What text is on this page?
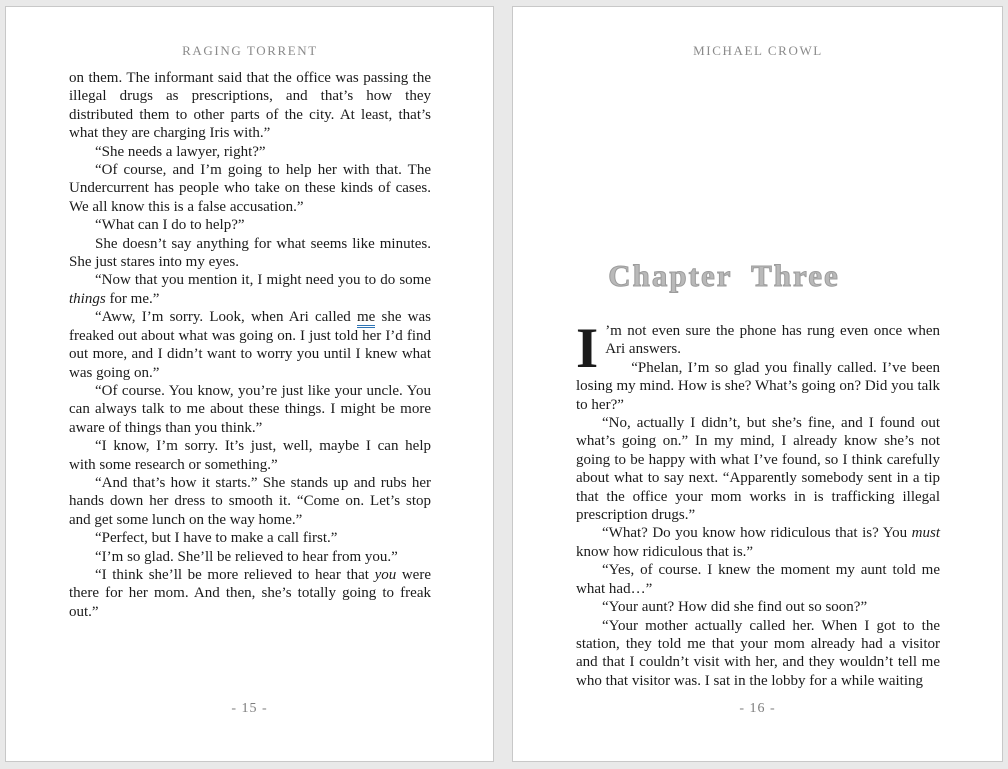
RAGING TORRENT

on them. The informant said that the office was passing the illegal drugs as prescriptions, and that’s how they distributed them to other parts of the city. At least, that’s what they are charging Iris with.”

“She needs a lawyer, right?”

“Of course, and I’m going to help her with that. The Undercurrent has people who take on these kinds of cases. We all know this is a false accusation.”

“What can I do to help?”

She doesn’t say anything for what seems like minutes. She just stares into my eyes.

“Now that you mention it, I might need you to do some things for me.”

“Aww, I’m sorry. Look, when Ari called me she was freaked out about what was going on. I just told her I’d find out more, and I didn’t want to worry you until I knew what was going on.”

“Of course. You know, you’re just like your uncle. You can always talk to me about these things. I might be more aware of things than you think.”

“I know, I’m sorry. It’s just, well, maybe I can help with some research or something.”

“And that’s how it starts.” She stands up and rubs her hands down her dress to smooth it. “Come on. Let’s stop and get some lunch on the way home.”

“Perfect, but I have to make a call first.”

“I’m so glad. She’ll be relieved to hear from you.”

“I think she’ll be more relieved to hear that you were there for her mom. And then, she’s totally going to freak out.”

- 15 -
MICHAEL CROWL
Chapter Three

I ’m not even sure the phone has rung even once when Ari answers.

“Phelan, I’m so glad you finally called. I’ve been losing my mind. How is she? What’s going on? Did you talk to her?”

“No, actually I didn’t, but she’s fine, and I found out what’s going on.” In my mind, I already know she’s not going to be happy with what I’ve found, so I think carefully about what to say next. “Apparently somebody sent in a tip that the office your mom works in is trafficking illegal prescription drugs.”

“What? Do you know how ridiculous that is? You must know how ridiculous that is.”

“Yes, of course. I knew the moment my aunt told me what had…”

“Your aunt? How did she find out so soon?”

“Your mother actually called her. When I got to the station, they told me that your mom already had a visitor and that I couldn’t visit with her, and they wouldn’t tell me who that visitor was. I sat in the lobby for a while waiting

- 16 -
